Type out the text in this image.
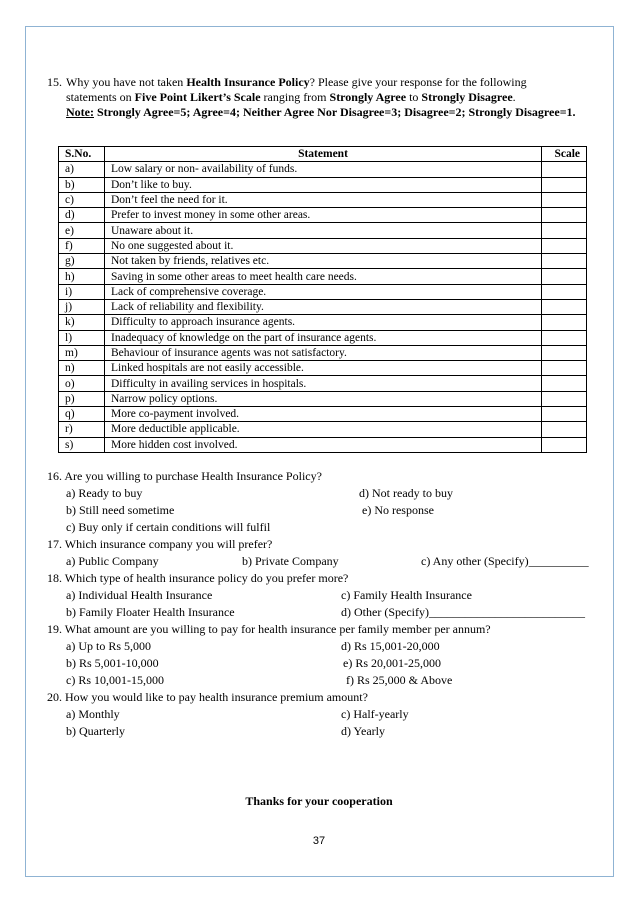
15. Why you have not taken Health Insurance Policy? Please give your response for the following
statements on Five Point Likert’s Scale ranging from Strongly Agree to Strongly Disagree.
Note: Strongly Agree=5; Agree=4; Neither Agree Nor Disagree=3; Disagree=2; Strongly Disagree=1.
S.No.	Statement	Scale
a)	Low salary or non- availability of funds.	
b)	Don’t like to buy.	
c)	Don’t feel the need for it.	
d)	Prefer to invest money in some other areas.	
e)	Unaware about it.	
f)	No one suggested about it.	
g)	Not taken by friends, relatives etc.	
h)	Saving in some other areas to meet health care needs.	
i)	Lack of comprehensive coverage.	
j)	Lack of reliability and flexibility.	
k)	Difficulty to approach insurance agents.	
l)	Inadequacy of knowledge on the part of insurance agents.	
m)	Behaviour of insurance agents was not satisfactory.	
n)	Linked hospitals are not easily accessible.	
o)	Difficulty in availing services in hospitals.	
p)	Narrow policy options.	
q)	More co-payment involved.	
r)	More deductible applicable.	
s)	More hidden cost involved.	
16. Are you willing to purchase Health Insurance Policy?
a) Ready to buy	d) Not ready to buy
b) Still need sometime	e) No response
c) Buy only if certain conditions will fulfil
17. Which insurance company you will prefer?
a) Public Company	b) Private Company	c) Any other (Specify)__________
18. Which type of health insurance policy do you prefer more?
a) Individual Health Insurance	c) Family Health Insurance
b) Family Floater Health Insurance	d) Other (Specify)__________________________
19. What amount are you willing to pay for health insurance per family member per annum?
a) Up to Rs 5,000	d) Rs 15,001-20,000
b) Rs 5,001-10,000	e) Rs 20,001-25,000
c) Rs 10,001-15,000	f) Rs 25,000 & Above
20. How you would like to pay health insurance premium amount?
a) Monthly	c) Half-yearly
b) Quarterly	d) Yearly
Thanks for your cooperation
37
